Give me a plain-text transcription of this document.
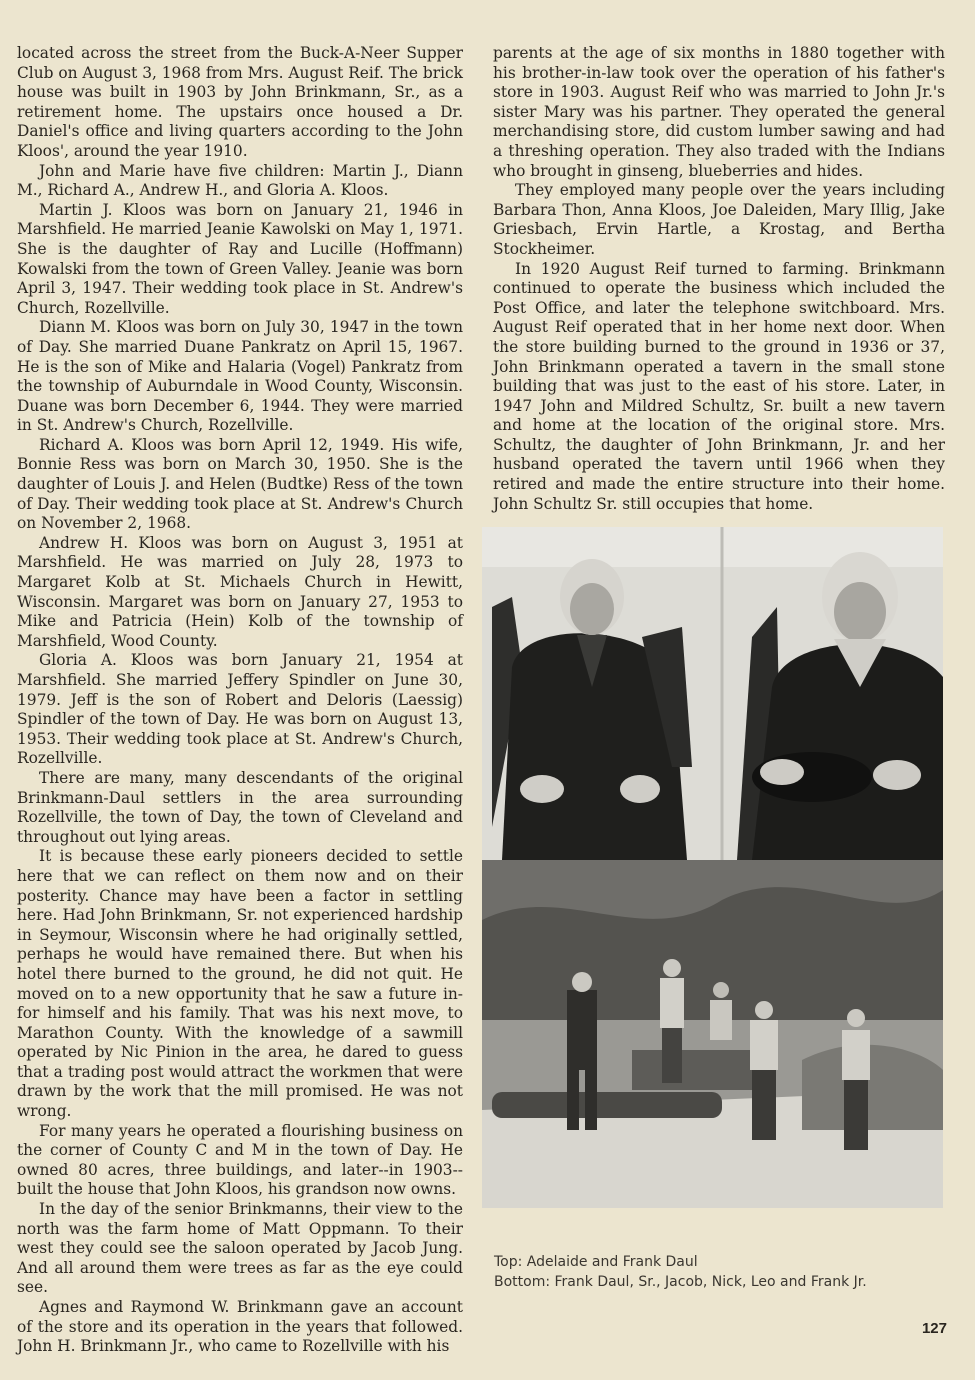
located across the street from the Buck-A-Neer Supper Club on August 3, 1968 from Mrs. August Reif. The brick house was built in 1903 by John Brinkmann, Sr., as a retirement home. The upstairs once housed a Dr. Daniel's office and living quarters according to the John Kloos', around the year 1910.

John and Marie have five children: Martin J., Diann M., Richard A., Andrew H., and Gloria A. Kloos.

Martin J. Kloos was born on January 21, 1946 in Marshfield. He married Jeanie Kawolski on May 1, 1971. She is the daughter of Ray and Lucille (Hoffmann) Kowalski from the town of Green Valley. Jeanie was born April 3, 1947. Their wedding took place in St. Andrew's Church, Rozellville.

Diann M. Kloos was born on July 30, 1947 in the town of Day. She married Duane Pankratz on April 15, 1967. He is the son of Mike and Halaria (Vogel) Pankratz from the township of Auburndale in Wood County, Wisconsin. Duane was born December 6, 1944. They were married in St. Andrew's Church, Rozellville.

Richard A. Kloos was born April 12, 1949. His wife, Bonnie Ress was born on March 30, 1950. She is the daughter of Louis J. and Helen (Budtke) Ress of the town of Day. Their wedding took place at St. Andrew's Church on November 2, 1968.

Andrew H. Kloos was born on August 3, 1951 at Marshfield. He was married on July 28, 1973 to Margaret Kolb at St. Michaels Church in Hewitt, Wisconsin. Margaret was born on January 27, 1953 to Mike and Patricia (Hein) Kolb of the township of Marshfield, Wood County.

Gloria A. Kloos was born January 21, 1954 at Marshfield. She married Jeffery Spindler on June 30, 1979. Jeff is the son of Robert and Deloris (Laessig) Spindler of the town of Day. He was born on August 13, 1953. Their wedding took place at St. Andrew's Church, Rozellville.

There are many, many descendants of the original Brinkmann-Daul settlers in the area surrounding Rozellville, the town of Day, the town of Cleveland and throughout out lying areas.

It is because these early pioneers decided to settle here that we can reflect on them now and on their posterity. Chance may have been a factor in settling here. Had John Brinkmann, Sr. not experienced hardship in Seymour, Wisconsin where he had originally settled, perhaps he would have remained there. But when his hotel there burned to the ground, he did not quit. He moved on to a new opportunity that he saw a future in-for himself and his family. That was his next move, to Marathon County. With the knowledge of a sawmill operated by Nic Pinion in the area, he dared to guess that a trading post would attract the workmen that were drawn by the work that the mill promised. He was not wrong.

For many years he operated a flourishing business on the corner of County C and M in the town of Day. He owned 80 acres, three buildings, and later--in 1903--built the house that John Kloos, his grandson now owns.

In the day of the senior Brinkmanns, their view to the north was the farm home of Matt Oppmann. To their west they could see the saloon operated by Jacob Jung. And all around them were trees as far as the eye could see.

Agnes and Raymond W. Brinkmann gave an account of the store and its operation in the years that followed. John H. Brinkmann Jr., who came to Rozellville with his

parents at the age of six months in 1880 together with his brother-in-law took over the operation of his father's store in 1903. August Reif who was married to John Jr.'s sister Mary was his partner. They operated the general merchandising store, did custom lumber sawing and had a threshing operation. They also traded with the Indians who brought in ginseng, blueberries and hides.

They employed many people over the years including Barbara Thon, Anna Kloos, Joe Daleiden, Mary Illig, Jake Griesbach, Ervin Hartle, a Krostag, and Bertha Stockheimer.

In 1920 August Reif turned to farming. Brinkmann continued to operate the business which included the Post Office, and later the telephone switchboard. Mrs. August Reif operated that in her home next door. When the store building burned to the ground in 1936 or 37, John Brinkmann operated a tavern in the small stone building that was just to the east of his store. Later, in 1947 John and Mildred Schultz, Sr. built a new tavern and home at the location of the original store. Mrs. Schultz, the daughter of John Brinkmann, Jr. and her husband operated the tavern until 1966 when they retired and made the entire structure into their home. John Schultz Sr. still occupies that home.

Top: Adelaide and Frank Daul
Bottom: Frank Daul, Sr., Jacob, Nick, Leo and Frank Jr.
127
